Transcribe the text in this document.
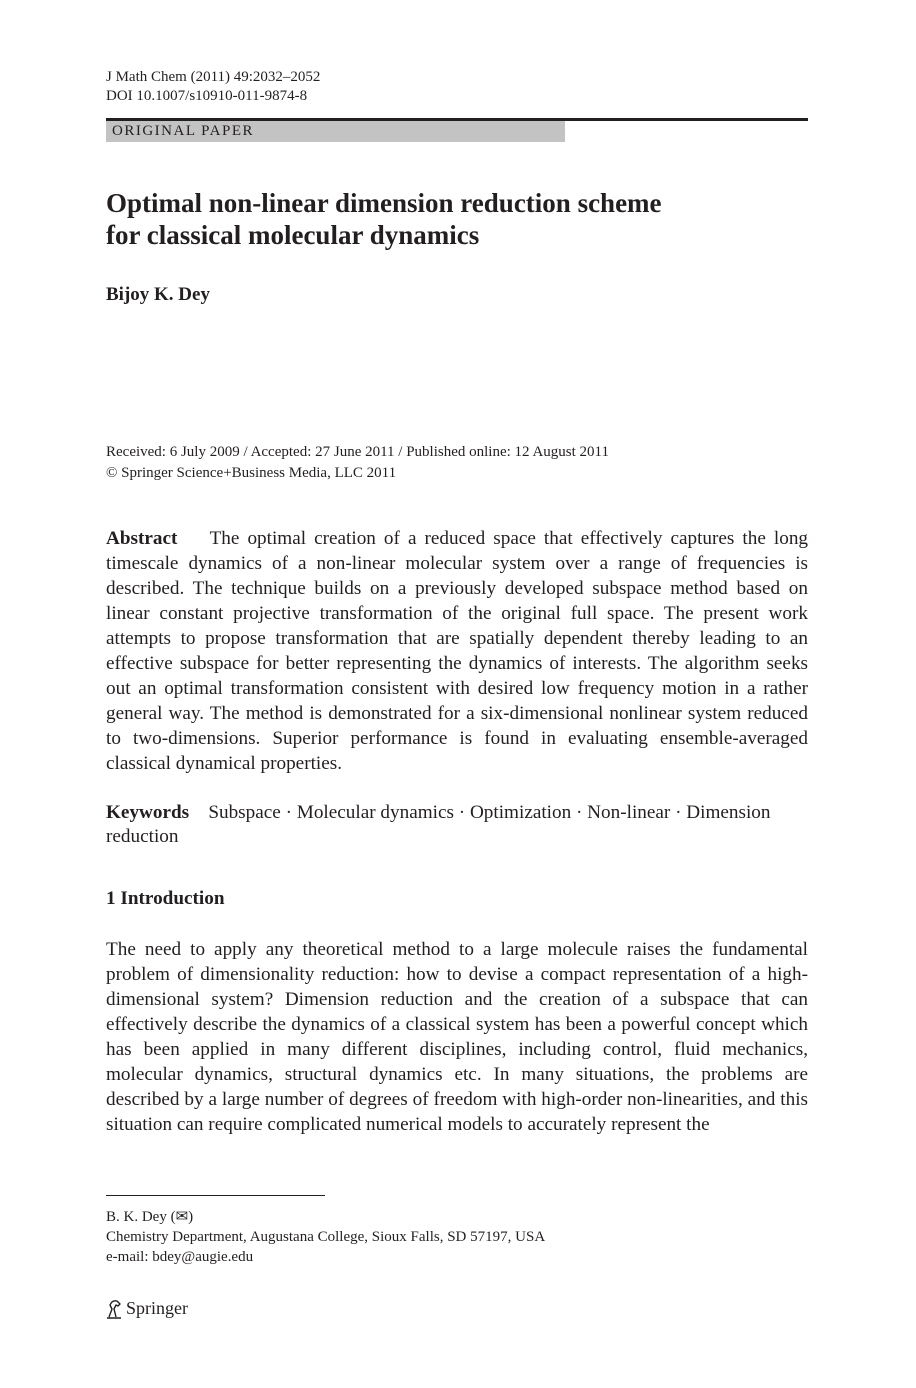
J Math Chem (2011) 49:2032–2052
DOI 10.1007/s10910-011-9874-8
ORIGINAL PAPER
Optimal non-linear dimension reduction scheme
for classical molecular dynamics
Bijoy K. Dey
Received: 6 July 2009 / Accepted: 27 June 2011 / Published online: 12 August 2011
© Springer Science+Business Media, LLC 2011
Abstract The optimal creation of a reduced space that effectively captures the long timescale dynamics of a non-linear molecular system over a range of frequencies is described. The technique builds on a previously developed subspace method based on linear constant projective transformation of the original full space. The present work attempts to propose transformation that are spatially dependent thereby leading to an effective subspace for better representing the dynamics of interests. The algorithm seeks out an optimal transformation consistent with desired low frequency motion in a rather general way. The method is demonstrated for a six-dimensional nonlinear system reduced to two-dimensions. Superior performance is found in evaluating ensemble-averaged classical dynamical properties.
Keywords Subspace · Molecular dynamics · Optimization · Non-linear · Dimension reduction
1 Introduction
The need to apply any theoretical method to a large molecule raises the fundamental problem of dimensionality reduction: how to devise a compact representation of a high-dimensional system? Dimension reduction and the creation of a subspace that can effectively describe the dynamics of a classical system has been a powerful concept which has been applied in many different disciplines, including control, fluid mechanics, molecular dynamics, structural dynamics etc. In many situations, the problems are described by a large number of degrees of freedom with high-order non-linearities, and this situation can require complicated numerical models to accurately represent the
B. K. Dey (✉)
Chemistry Department, Augustana College, Sioux Falls, SD 57197, USA
e-mail: bdey@augie.edu
Springer
